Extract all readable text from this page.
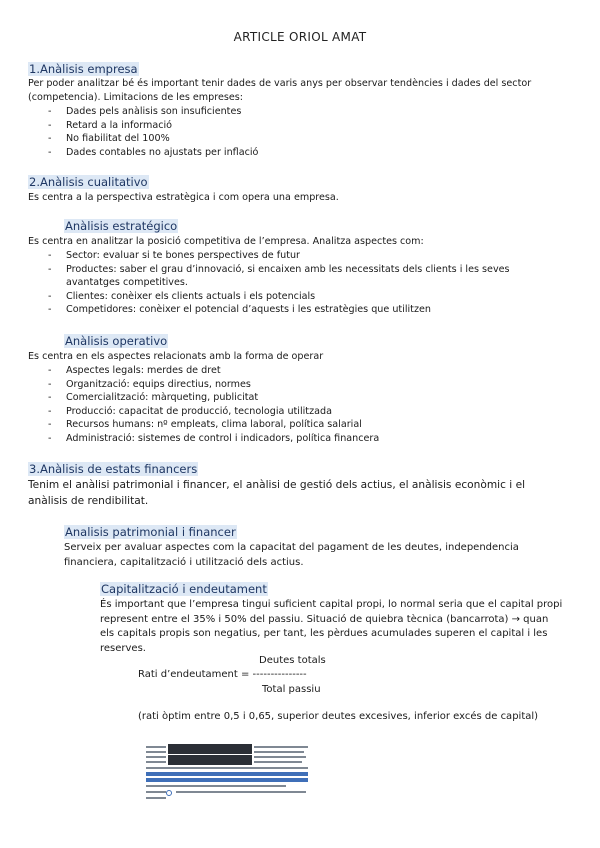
ARTICLE ORIOL AMAT
1.Anàlisis empresa
Per poder analitzar bé és important tenir dades de varis anys per observar tendències i dades del sector
(competencia). Limitacions de les empreses:
- Dades pels anàlisis son insuficientes
- Retard a la informació
- No fiabilitat del 100%
- Dades contables no ajustats per inflació
2.Anàlisis cualitativo
Es centra a la perspectiva estratègica i com opera una empresa.
Anàlisis estratégico
Es centra en analitzar la posició competitiva de l’empresa. Analitza aspectes com:
- Sector: evaluar si te bones perspectives de futur
- Productes: saber el grau d’innovació, si encaixen amb les necessitats dels clients i les seves
avantatges competitives.
- Clientes: conèixer els clients actuals i els potencials
- Competidores: conèixer el potencial d’aquests i les estratègies que utilitzen
Anàlisis operativo
Es centra en els aspectes relacionats amb la forma de operar
- Aspectes legals: merdes de dret
- Organització: equips directius, normes
- Comercialització: màrqueting, publicitat
- Producció: capacitat de producció, tecnologia utilitzada
- Recursos humans: nº empleats, clima laboral, política salarial
- Administració: sistemes de control i indicadors, política financera
3.Anàlisis de estats financers
Tenim el anàlisi patrimonial i financer, el anàlisi de gestió dels actius, el anàlisis econòmic i el
anàlisis de rendibilitat.
Analisis patrimonial i financer
Serveix per avaluar aspectes com la capacitat del pagament de les deutes, independencia
financiera, capitalització i utilització dels actius.
Capitalització i endeutament
És important que l’empresa tingui suficient capital propi, lo normal seria que el capital propi
represent entre el 35% i 50% del passiu. Situació de quiebra tècnica (bancarrota) → quan
els capitals propis son negatius, per tant, les pèrdues acumulades superen el capital i les
reserves.
Deutes totals
Rati d’endeutament = ---------------
Total passiu
(rati òptim entre 0,5 i 0,65, superior deutes excesives, inferior excés de capital)
